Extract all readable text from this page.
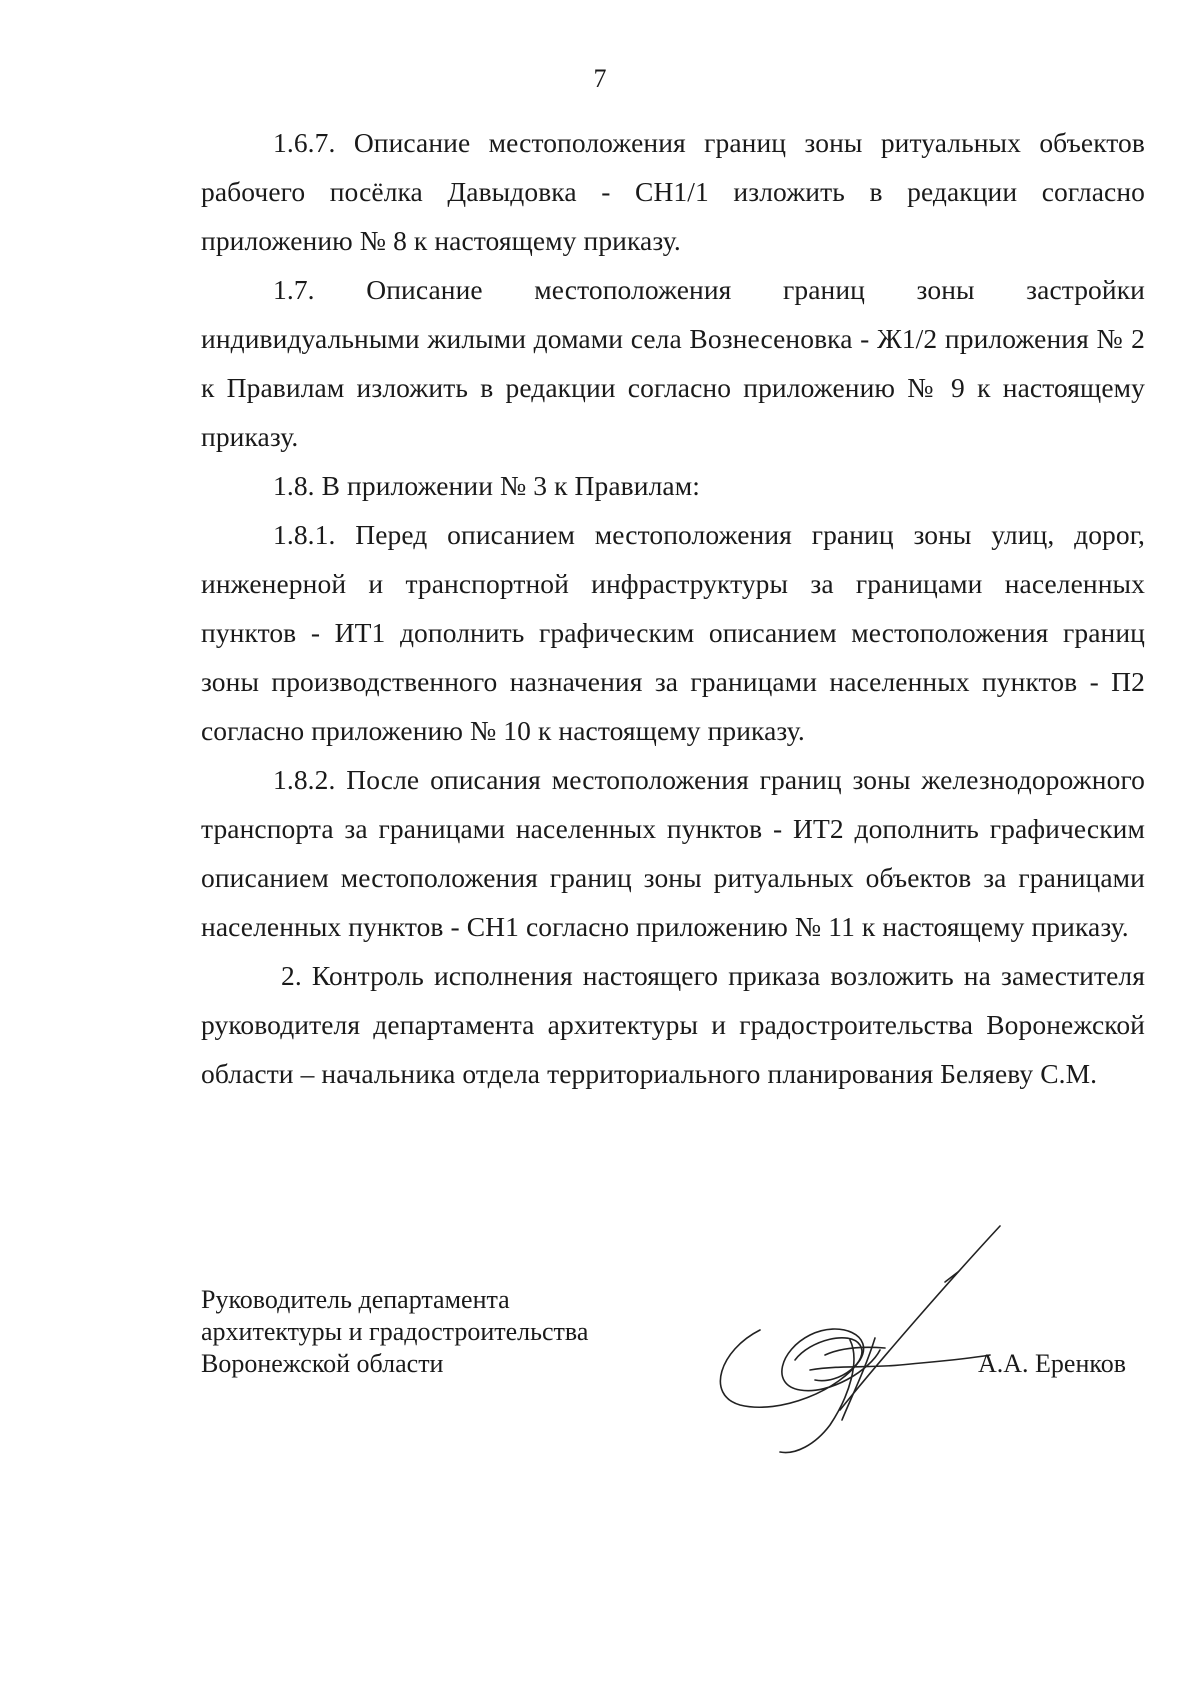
7

1.6.7. Описание местоположения границ зоны ритуальных объектов рабочего посёлка Давыдовка - СН1/1 изложить в редакции согласно приложению № 8 к настоящему приказу.

1.7. Описание местоположения границ зоны застройки индивидуальными жилыми домами села Вознесеновка - Ж1/2 приложения № 2 к Правилам изложить в редакции согласно приложению № 9 к настоящему приказу.

1.8. В приложении № 3 к Правилам:

1.8.1. Перед описанием местоположения границ зоны улиц, дорог, инженерной и транспортной инфраструктуры за границами населенных пунктов - ИТ1 дополнить графическим описанием местоположения границ зоны производственного назначения за границами населенных пунктов - П2 согласно приложению № 10 к настоящему приказу.

1.8.2. После описания местоположения границ зоны железнодорожного транспорта за границами населенных пунктов - ИТ2 дополнить графическим описанием местоположения границ зоны ритуальных объектов за границами населенных пунктов - СН1 согласно приложению № 11 к настоящему приказу.

2. Контроль исполнения настоящего приказа возложить на заместителя руководителя департамента архитектуры и градостроительства Воронежской области – начальника отдела территориального планирования Беляеву С.М.

Руководитель департамента
архитектуры и градостроительства
Воронежской области	А.А. Еренков
